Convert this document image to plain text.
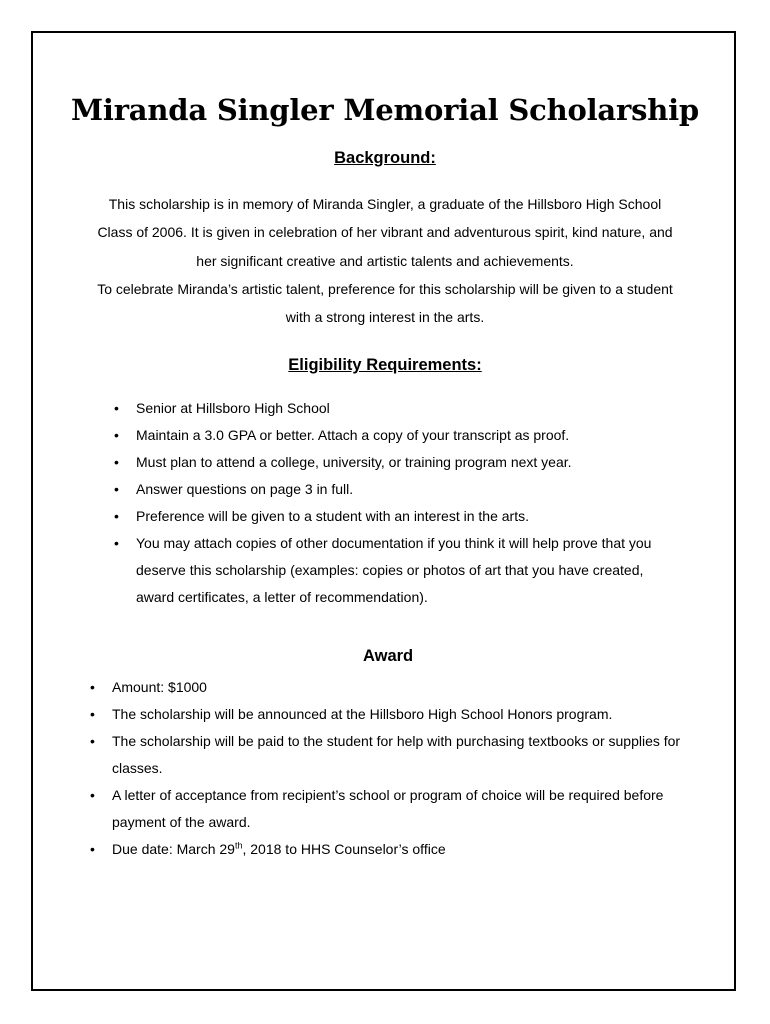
Miranda Singler Memorial Scholarship
Background:

This scholarship is in memory of Miranda Singler, a graduate of the Hillsboro High School Class of 2006. It is given in celebration of her vibrant and adventurous spirit, kind nature, and her significant creative and artistic talents and achievements.

To celebrate Miranda’s artistic talent, preference for this scholarship will be given to a student with a strong interest in the arts.

Eligibility Requirements:
•	Senior at Hillsboro High School
•	Maintain a 3.0 GPA or better. Attach a copy of your transcript as proof.
•	Must plan to attend a college, university, or training program next year.
•	Answer questions on page 3 in full.
•	Preference will be given to a student with an interest in the arts.
•	You may attach copies of other documentation if you think it will help prove that you deserve this scholarship (examples: copies or photos of art that you have created, award certificates, a letter of recommendation).
Award
•	Amount: $1000
•	The scholarship will be announced at the Hillsboro High School Honors program.
•	The scholarship will be paid to the student for help with purchasing textbooks or supplies for classes.
•	A letter of acceptance from recipient’s school or program of choice will be required before payment of the award.
•	Due date: March 29th, 2018 to HHS Counselor’s office
